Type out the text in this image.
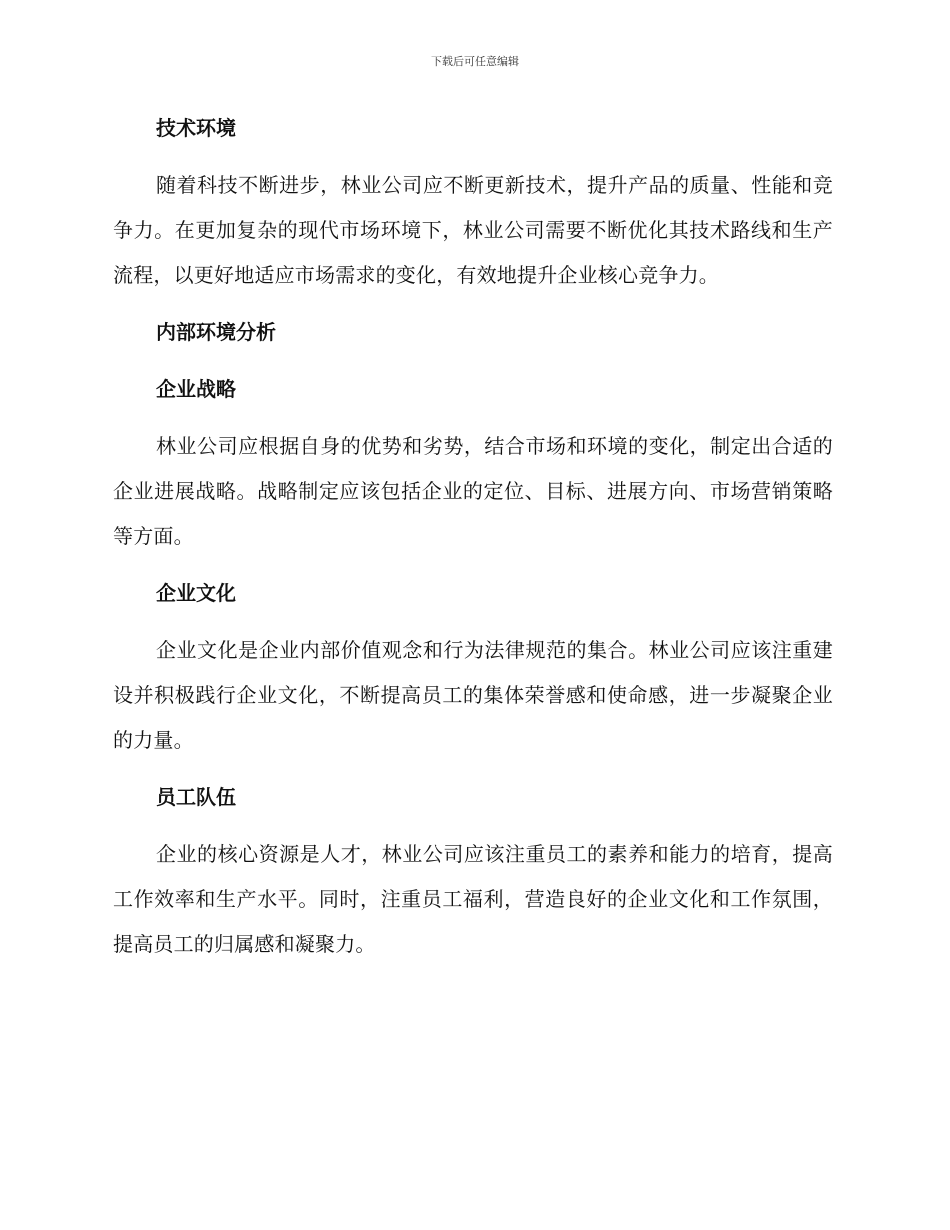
下载后可任意编辑
技术环境

随着科技不断进步，林业公司应不断更新技术，提升产品的质量、性能和竞争力。在更加复杂的现代市场环境下，林业公司需要不断优化其技术路线和生产流程，以更好地适应市场需求的变化，有效地提升企业核心竞争力。

内部环境分析
企业战略

林业公司应根据自身的优势和劣势，结合市场和环境的变化，制定出合适的企业进展战略。战略制定应该包括企业的定位、目标、进展方向、市场营销策略等方面。

企业文化

企业文化是企业内部价值观念和行为法律规范的集合。林业公司应该注重建设并积极践行企业文化，不断提高员工的集体荣誉感和使命感，进一步凝聚企业的力量。

员工队伍

企业的核心资源是人才，林业公司应该注重员工的素养和能力的培育，提高工作效率和生产水平。同时，注重员工福利，营造良好的企业文化和工作氛围，提高员工的归属感和凝聚力。
